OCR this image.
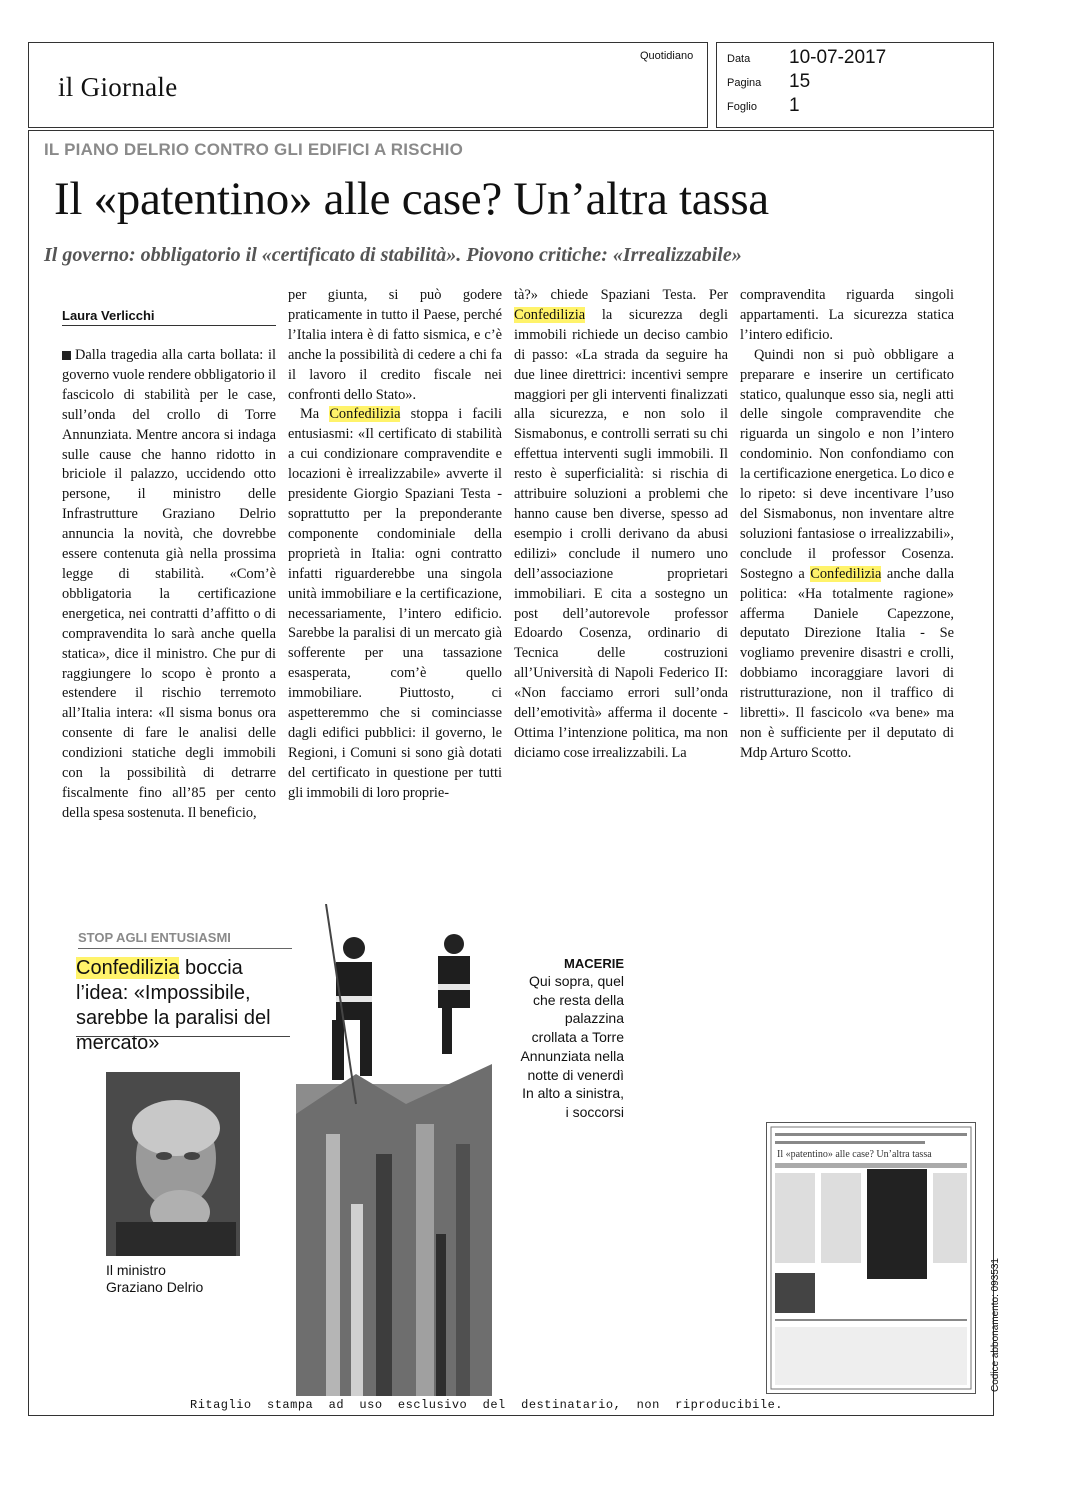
il Giornale
Quotidiano	Data 10-07-2017
Pagina 15
Foglio 1
IL PIANO DELRIO CONTRO GLI EDIFICI A RISCHIO
Il «patentino» alle case? Un’altra tassa
Il governo: obbligatorio il «certificato di stabilità». Piovono critiche: «Irrealizzabile»
Laura Verlicchi
Dalla tragedia alla carta bollata: il governo vuole rendere obbligatorio il fascicolo di stabilità per le case, sull’onda del crollo di Torre Annunziata. Mentre ancora si indaga sulle cause che hanno ridotto in briciole il palazzo, uccidendo otto persone, il ministro delle Infrastrutture Graziano Delrio annuncia la novità, che dovrebbe essere contenuta già nella prossima legge di stabilità. «Com’è obbligatoria la certificazione energetica, nei contratti d’affitto o di compravendita lo sarà anche quella statica», dice il ministro. Che pur di raggiungere lo scopo è pronto a estendere il rischio terremoto all’Italia intera: «Il sisma bonus ora consente di fare le analisi delle condizioni statiche degli immobili con la possibilità di detrarre fiscalmente fino all’85 per cento della spesa sostenuta. Il beneficio,
per giunta, si può godere praticamente in tutto il Paese, perché l’Italia intera è di fatto sismica, e c’è anche la possibilità di cedere a chi fa il lavoro il credito fiscale nei confronti dello Stato».
Ma Confedilizia stoppa i facili entusiasmi: «Il certificato di stabilità a cui condizionare compravendite e locazioni è irrealizzabile» avverte il presidente Giorgio Spaziani Testa - soprattutto per la preponderante componente condominiale della proprietà in Italia: ogni contratto infatti riguarderebbe una singola unità immobiliare e la certificazione, necessariamente, l’intero edificio. Sarebbe la paralisi di un mercato già sofferente per una tassazione esasperata, com’è quello immobiliare. Piuttosto, ci aspetteremmo che si cominciasse dagli edifici pubblici: il governo, le Regioni, i Comuni si sono già dotati del certificato in questione per tutti gli immobili di loro proprie-
tà?» chiede Spaziani Testa. Per Confedilizia la sicurezza degli immobili richiede un deciso cambio di passo: «La strada da seguire ha due linee direttrici: incentivi sempre maggiori per gli interventi finalizzati alla sicurezza, e non solo il Sismabonus, e controlli serrati su chi effettua interventi sugli immobili. Il resto è superficialità: si rischia di attribuire soluzioni a problemi che hanno cause ben diverse, spesso ad esempio i crolli derivano da abusi edilizi» conclude il numero uno dell’associazione proprietari immobiliari. E cita a sostegno un post dell’autorevole professor Edoardo Cosenza, ordinario di Tecnica delle costruzioni all’Università di Napoli Federico II: «Non facciamo errori sull’onda dell’emotività» afferma il docente - Ottima l’intenzione politica, ma non diciamo cose irrealizzabili. La
compravendita riguarda singoli appartamenti. La sicurezza statica l’intero edificio.
Quindi non si può obbligare a preparare e inserire un certificato statico, qualunque esso sia, negli atti delle singole compravendite che riguarda un singolo e non l’intero condominio. Non confondiamo con la certificazione energetica. Lo dico e lo ripeto: si deve incentivare l’uso del Sismabonus, non inventare altre soluzioni fantasiose o irrealizzabili», conclude il professor Cosenza. Sostegno a Confedilizia anche dalla politica: «Ha totalmente ragione» afferma Daniele Capezzone, deputato Direzione Italia - Se vogliamo prevenire disastri e crolli, dobbiamo incoraggiare lavori di ristrutturazione, non il traffico di libretti». Il fascicolo «va bene» ma non è sufficiente per il deputato di Mdp Arturo Scotto.
STOP AGLI ENTUSIASMI
Confedilizia boccia l’idea: «Impossibile, sarebbe la paralisi del mercato»
Il ministro
Graziano Delrio
MACERIE
Qui sopra, quel che resta della palazzina crollata a Torre Annunziata nella notte di venerdì In alto a sinistra, i soccorsi
Il «patentino» alle case? Un’altra tassa
Ritaglio  stampa  ad  uso  esclusivo  del  destinatario,  non  riproducibile.
Codice abbonamento: 093531
